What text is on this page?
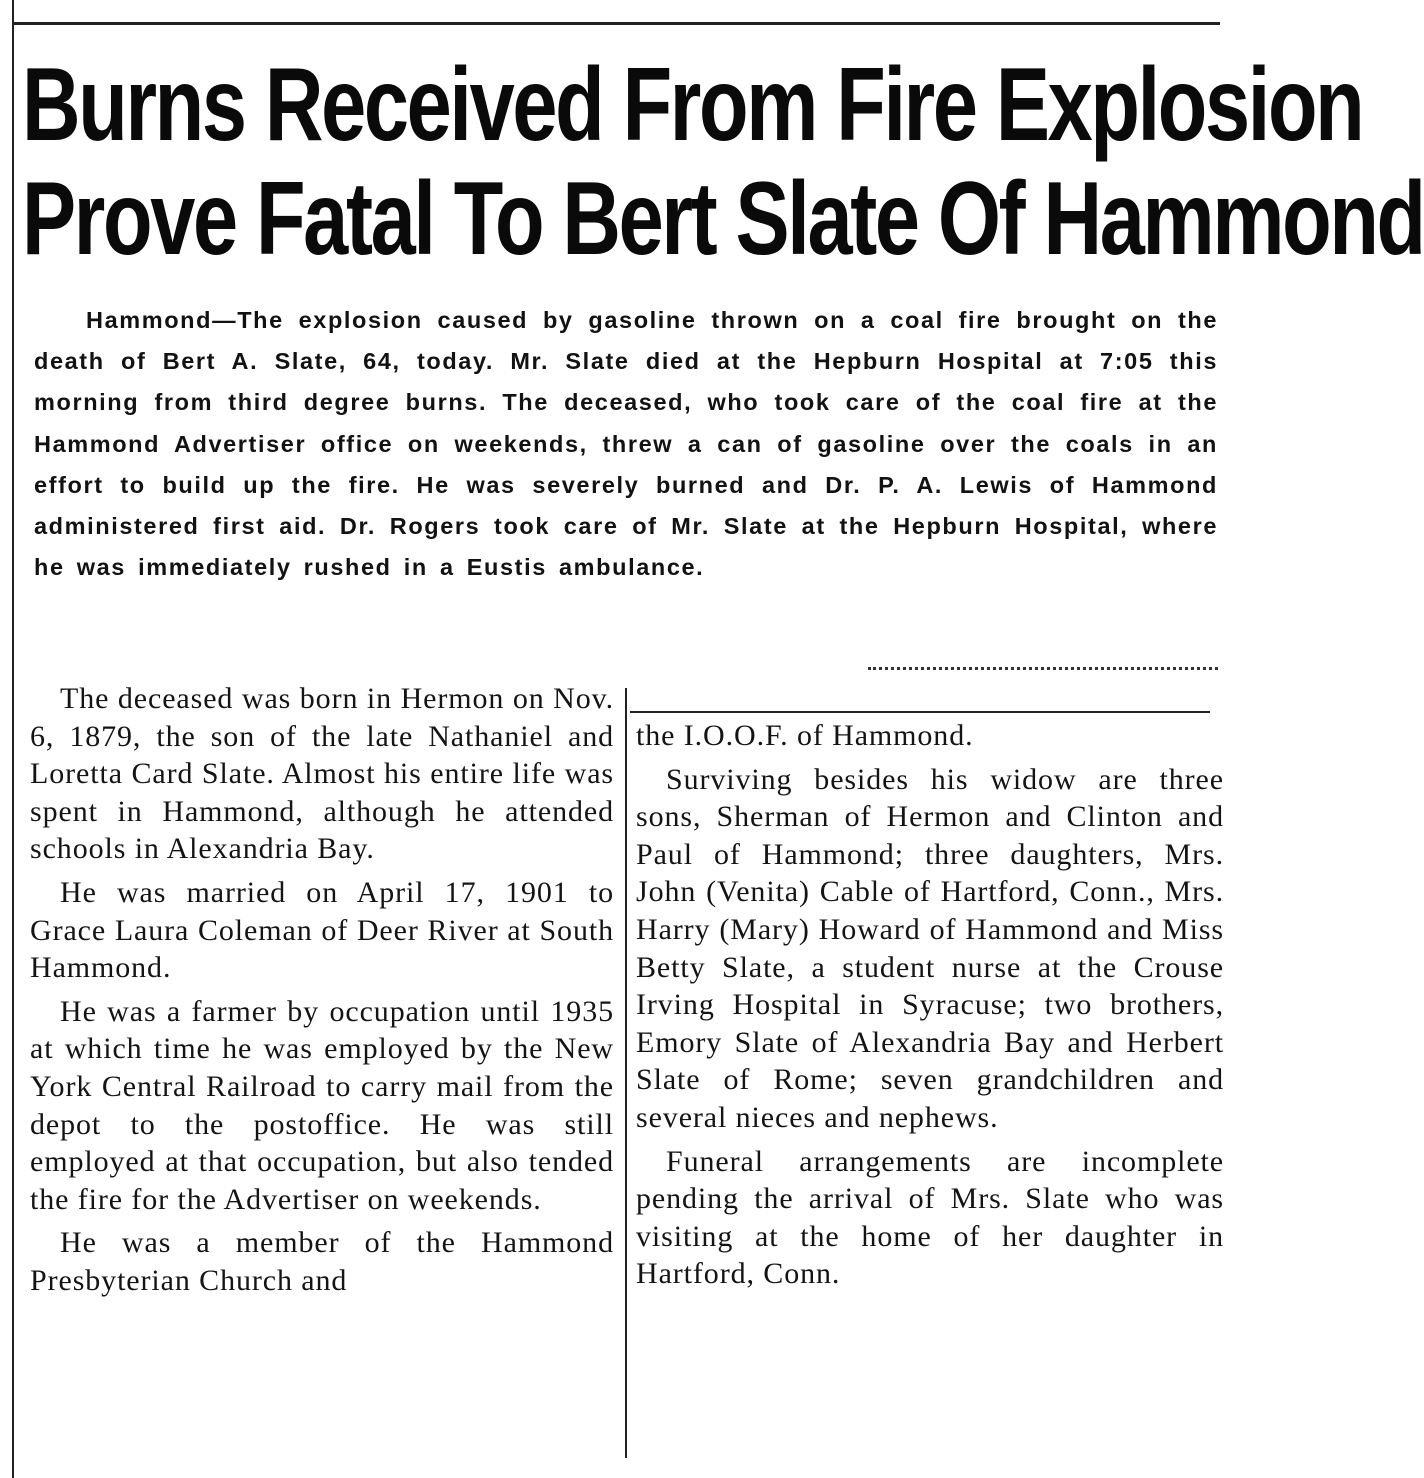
Burns Received From Fire Explosion
Prove Fatal To Bert Slate Of Hammond

Hammond—The explosion caused by gasoline thrown on a coal fire brought on the death of Bert A. Slate, 64, today. Mr. Slate died at the Hepburn Hospital at 7:05 this morning from third degree burns. The deceased, who took care of the coal fire at the Hammond Advertiser office on weekends, threw a can of gasoline over the coals in an effort to build up the fire. He was severely burned and Dr. P. A. Lewis of Hammond administered first aid. Dr. Rogers took care of Mr. Slate at the Hepburn Hospital, where he was immediately rushed in a Eustis ambulance.

The deceased was born in Hermon on Nov. 6, 1879, the son of the late Nathaniel and Loretta Card Slate. Almost his entire life was spent in Hammond, although he attended schools in Alexandria Bay.

He was married on April 17, 1901 to Grace Laura Coleman of Deer River at South Hammond.

He was a farmer by occupation until 1935 at which time he was employed by the New York Central Railroad to carry mail from the depot to the postoffice. He was still employed at that occupation, but also tended the fire for the Advertiser on weekends.

He was a member of the Hammond Presbyterian Church and

the I.O.O.F. of Hammond.

Surviving besides his widow are three sons, Sherman of Hermon and Clinton and Paul of Hammond; three daughters, Mrs. John (Venita) Cable of Hartford, Conn., Mrs. Harry (Mary) Howard of Hammond and Miss Betty Slate, a student nurse at the Crouse Irving Hospital in Syracuse; two brothers, Emory Slate of Alexandria Bay and Herbert Slate of Rome; seven grandchildren and several nieces and nephews.

Funeral arrangements are incomplete pending the arrival of Mrs. Slate who was visiting at the home of her daughter in Hartford, Conn.
